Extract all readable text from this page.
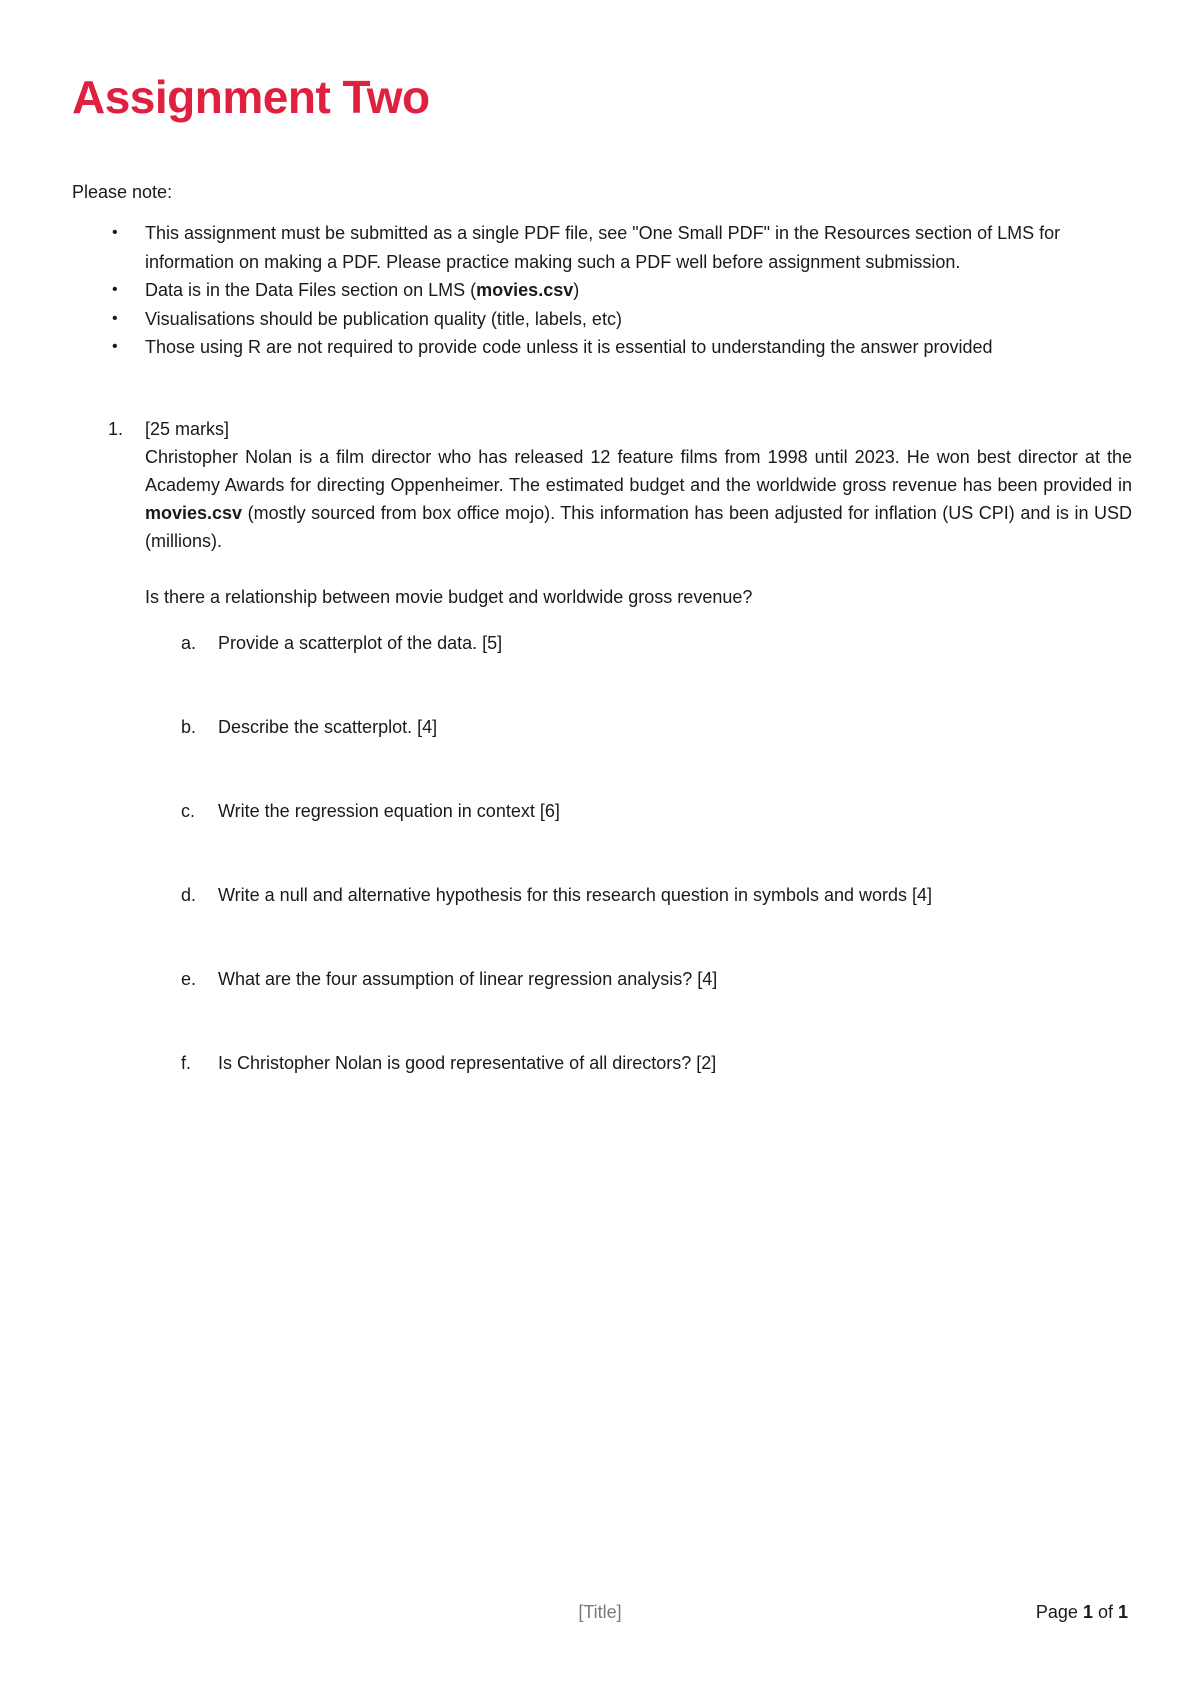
Assignment Two
Please note:
• This assignment must be submitted as a single PDF file, see "One Small PDF" in the Resources section of LMS for information on making a PDF. Please practice making such a PDF well before assignment submission.
• Data is in the Data Files section on LMS (movies.csv)
• Visualisations should be publication quality (title, labels, etc)
• Those using R are not required to provide code unless it is essential to understanding the answer provided
1. [25 marks]

Christopher Nolan is a film director who has released 12 feature films from 1998 until 2023. He won best director at the Academy Awards for directing Oppenheimer. The estimated budget and the worldwide gross revenue has been provided in movies.csv (mostly sourced from box office mojo). This information has been adjusted for inflation (US CPI) and is in USD (millions).

Is there a relationship between movie budget and worldwide gross revenue?

a. Provide a scatterplot of the data. [5]
b. Describe the scatterplot. [4]
c. Write the regression equation in context [6]
d. Write a null and alternative hypothesis for this research question in symbols and words [4]
e. What are the four assumption of linear regression analysis? [4]
f. Is Christopher Nolan is good representative of all directors? [2]
[Title]	Page 1 of 1
